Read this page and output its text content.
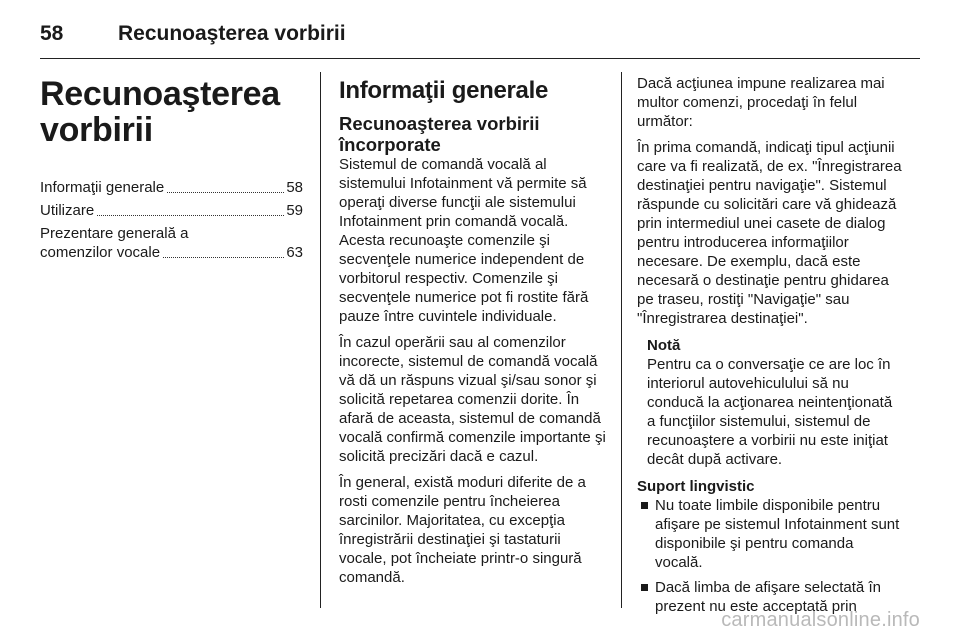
58	Recunoaşterea vorbirii
Recunoaşterea
vorbirii
Informaţii generale	58
Utilizare	59
Prezentare generală a
comenzilor vocale	63
Informaţii generale
Recunoaşterea vorbirii
încorporate

Sistemul de comandă vocală al sistemului Infotainment vă permite să operaţi diverse funcţii ale sistemului Infotainment prin comandă vocală. Acesta recunoaşte comenzile şi secvenţele numerice independent de vorbitorul respectiv. Comenzile şi secvenţele numerice pot fi rostite fără pauze între cuvintele individuale.

În cazul operării sau al comenzilor incorecte, sistemul de comandă vocală vă dă un răspuns vizual şi/sau sonor şi solicită repetarea comenzii dorite. În afară de aceasta, sistemul de comandă vocală confirmă comenzile importante şi solicită precizări dacă e cazul.

În general, există moduri diferite de a rosti comenzile pentru încheierea sarcinilor. Majoritatea, cu excepţia înregistrării destinaţiei şi tastaturii vocale, pot încheiate printr-o singură comandă.

Dacă acţiunea impune realizarea mai multor comenzi, procedaţi în felul următor:

În prima comandă, indicaţi tipul acţiunii care va fi realizată, de ex. "Înregistrarea destinaţiei pentru navigaţie". Sistemul răspunde cu solicitări care vă ghidează prin intermediul unei casete de dialog pentru introducerea informaţiilor necesare. De exemplu, dacă este necesară o destinaţie pentru ghidarea pe traseu, rostiţi "Navigaţie" sau "Înregistrarea destinaţiei".

Notă

Pentru ca o conversaţie ce are loc în interiorul autovehiculului să nu conducă la acţionarea neintenţionată a funcţiilor sistemului, sistemul de recunoaştere a vorbirii nu este iniţiat decât după activare.

Suport lingvistic
Nu toate limbile disponibile pentru afişare pe sistemul Infotainment sunt disponibile şi pentru comanda vocală.
Dacă limba de afişare selectată în prezent nu este acceptată prin
carmanualsonline.info
